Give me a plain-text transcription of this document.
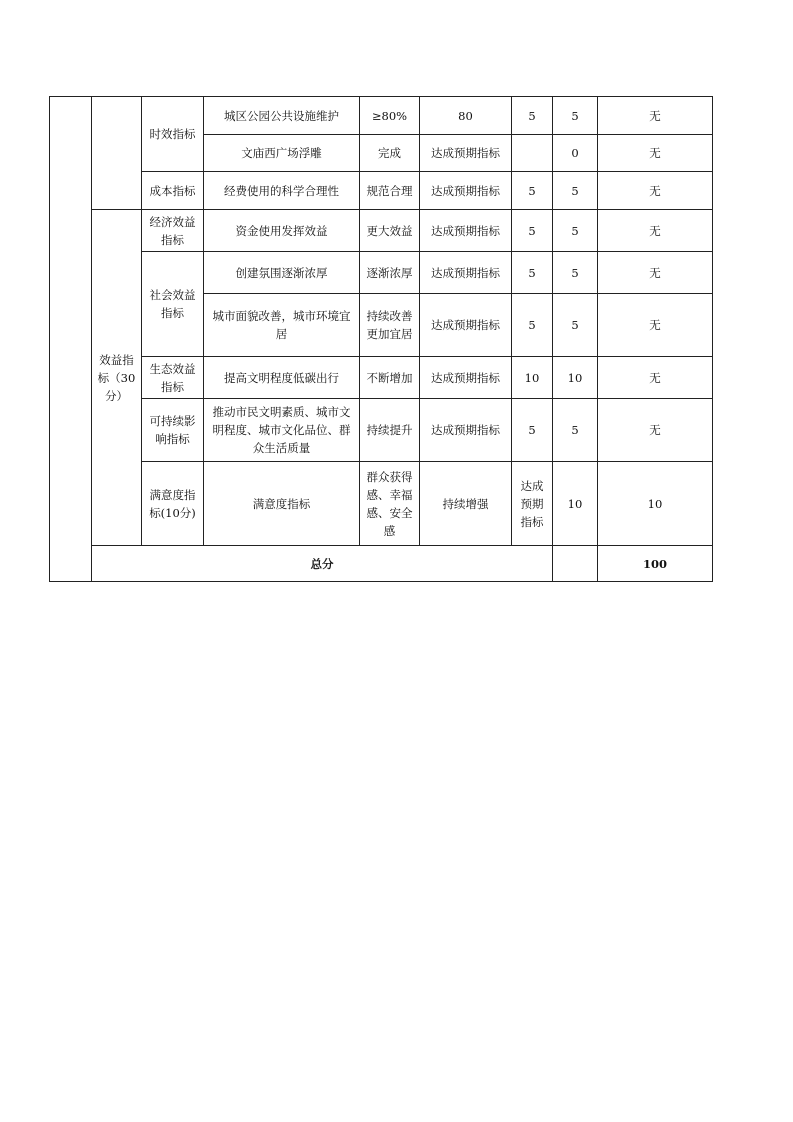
		时效指标	城区公园公共设施维护	≥80%	80	5	5	无	
			文庙西广场浮雕	完成	达成预期指标		0	无	
		成本指标	经费使用的科学合理性	规范合理	达成预期指标	5	5	无	
	效益指标（30分）	经济效益指标	资金使用发挥效益	更大效益	达成预期指标	5	5	无	
		社会效益指标	创建氛围逐渐浓厚	逐渐浓厚	达成预期指标	5	5	无	
			城市面貌改善，城市环境宜居	持续改善更加宜居	达成预期指标	5	5	无	
		生态效益指标	提高文明程度低碳出行	不断增加	达成预期指标	10	10	无	
		可持续影响指标	推动市民文明素质、城市文明程度、城市文化品位、群众生活质量	持续提升	达成预期指标	5	5	无	
		满意度指标(10分)	满意度指标	群众获得感、幸福感、安全感	持续增强	达成预期指标	10	10	
	总分							100		
